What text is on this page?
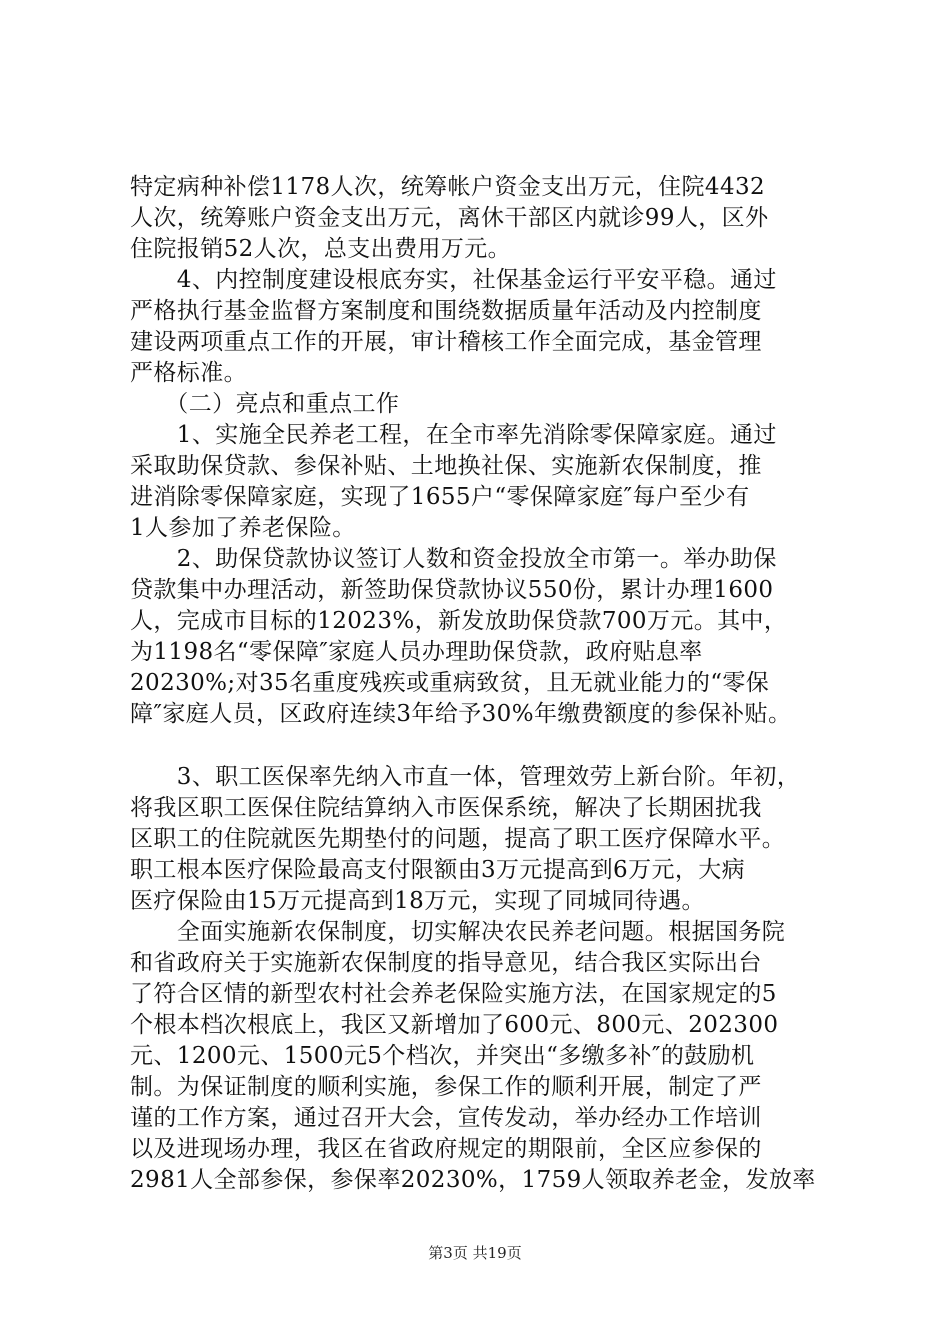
特定病种补偿1178人次，统筹帐户资金支出万元，住院4432
人次，统筹账户资金支出万元，离休干部区内就诊99人，区外
住院报销52人次，总支出费用万元。
　　4、内控制度建设根底夯实，社保基金运行平安平稳。通过
严格执行基金监督方案制度和围绕数据质量年活动及内控制度
建设两项重点工作的开展，审计稽核工作全面完成，基金管理
严格标准。
　　（二）亮点和重点工作
　　1、实施全民养老工程，在全市率先消除零保障家庭。通过
采取助保贷款、参保补贴、土地换社保、实施新农保制度，推
进消除零保障家庭，实现了1655户“零保障家庭″每户至少有
1人参加了养老保险。
　　2、助保贷款协议签订人数和资金投放全市第一。举办助保
贷款集中办理活动，新签助保贷款协议550份，累计办理1600
人，完成市目标的12023%，新发放助保贷款700万元。其中，
为1198名“零保障″家庭人员办理助保贷款，政府贴息率
20230%;对35名重度残疾或重病致贫，且无就业能力的“零保
障″家庭人员，区政府连续3年给予30%年缴费额度的参保补贴。
　　3、职工医保率先纳入市直一体，管理效劳上新台阶。年初，
将我区职工医保住院结算纳入市医保系统，解决了长期困扰我
区职工的住院就医先期垫付的问题，提高了职工医疗保障水平。
职工根本医疗保险最高支付限额由3万元提高到6万元，大病
医疗保险由15万元提高到18万元，实现了同城同待遇。
　　全面实施新农保制度，切实解决农民养老问题。根据国务院
和省政府关于实施新农保制度的指导意见，结合我区实际出台
了符合区情的新型农村社会养老保险实施方法，在国家规定的5
个根本档次根底上，我区又新增加了600元、800元、202300
元、1200元、1500元5个档次，并突出“多缴多补″的鼓励机
制。为保证制度的顺利实施，参保工作的顺利开展，制定了严
谨的工作方案，通过召开大会，宣传发动，举办经办工作培训
以及进现场办理，我区在省政府规定的期限前，全区应参保的
2981人全部参保，参保率20230%，1759人领取养老金，发放率
第3页 共19页
